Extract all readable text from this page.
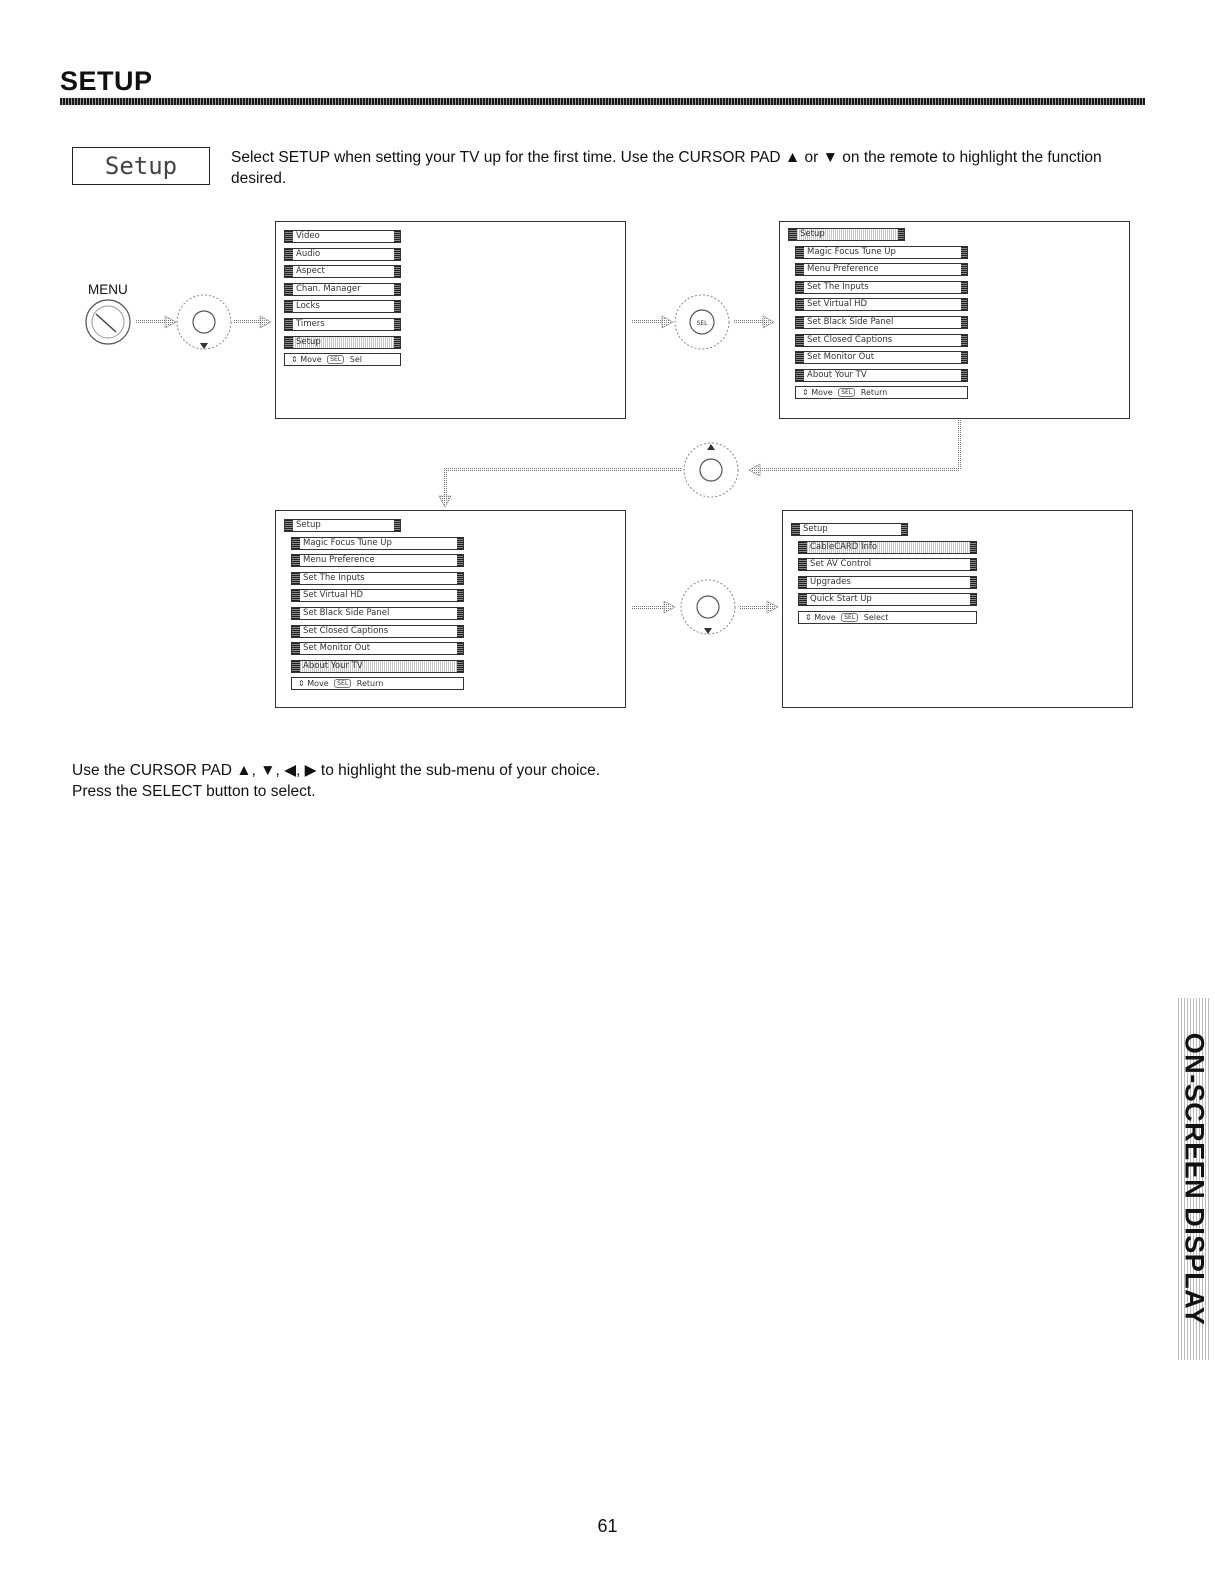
SETUP
Setup	Select SETUP when setting your TV up for the first time. Use the CURSOR PAD ▲ or ▼ on the remote to highlight the function desired.
SEL
MENU
Video
Audio
Aspect
Chan. Manager
Locks
Timers
Setup
⇕ Move SEL Sel
Setup
Magic Focus Tune Up
Menu Preference
Set The Inputs
Set Virtual HD
Set Black Side Panel
Set Closed Captions
Set Monitor Out
About Your TV
⇕ Move SEL Return
Setup
Magic Focus Tune Up
Menu Preference
Set The Inputs
Set Virtual HD
Set Black Side Panel
Set Closed Captions
Set Monitor Out
About Your TV
⇕ Move SEL Return
Setup
CableCARD Info
Set AV Control
Upgrades
Quick Start Up
⇕ Move SEL Select
Use the CURSOR PAD ▲, ▼, ◀, ▶ to highlight the sub-menu of your choice.
Press the SELECT button to select.
ON-SCREEN DISPLAY
61
